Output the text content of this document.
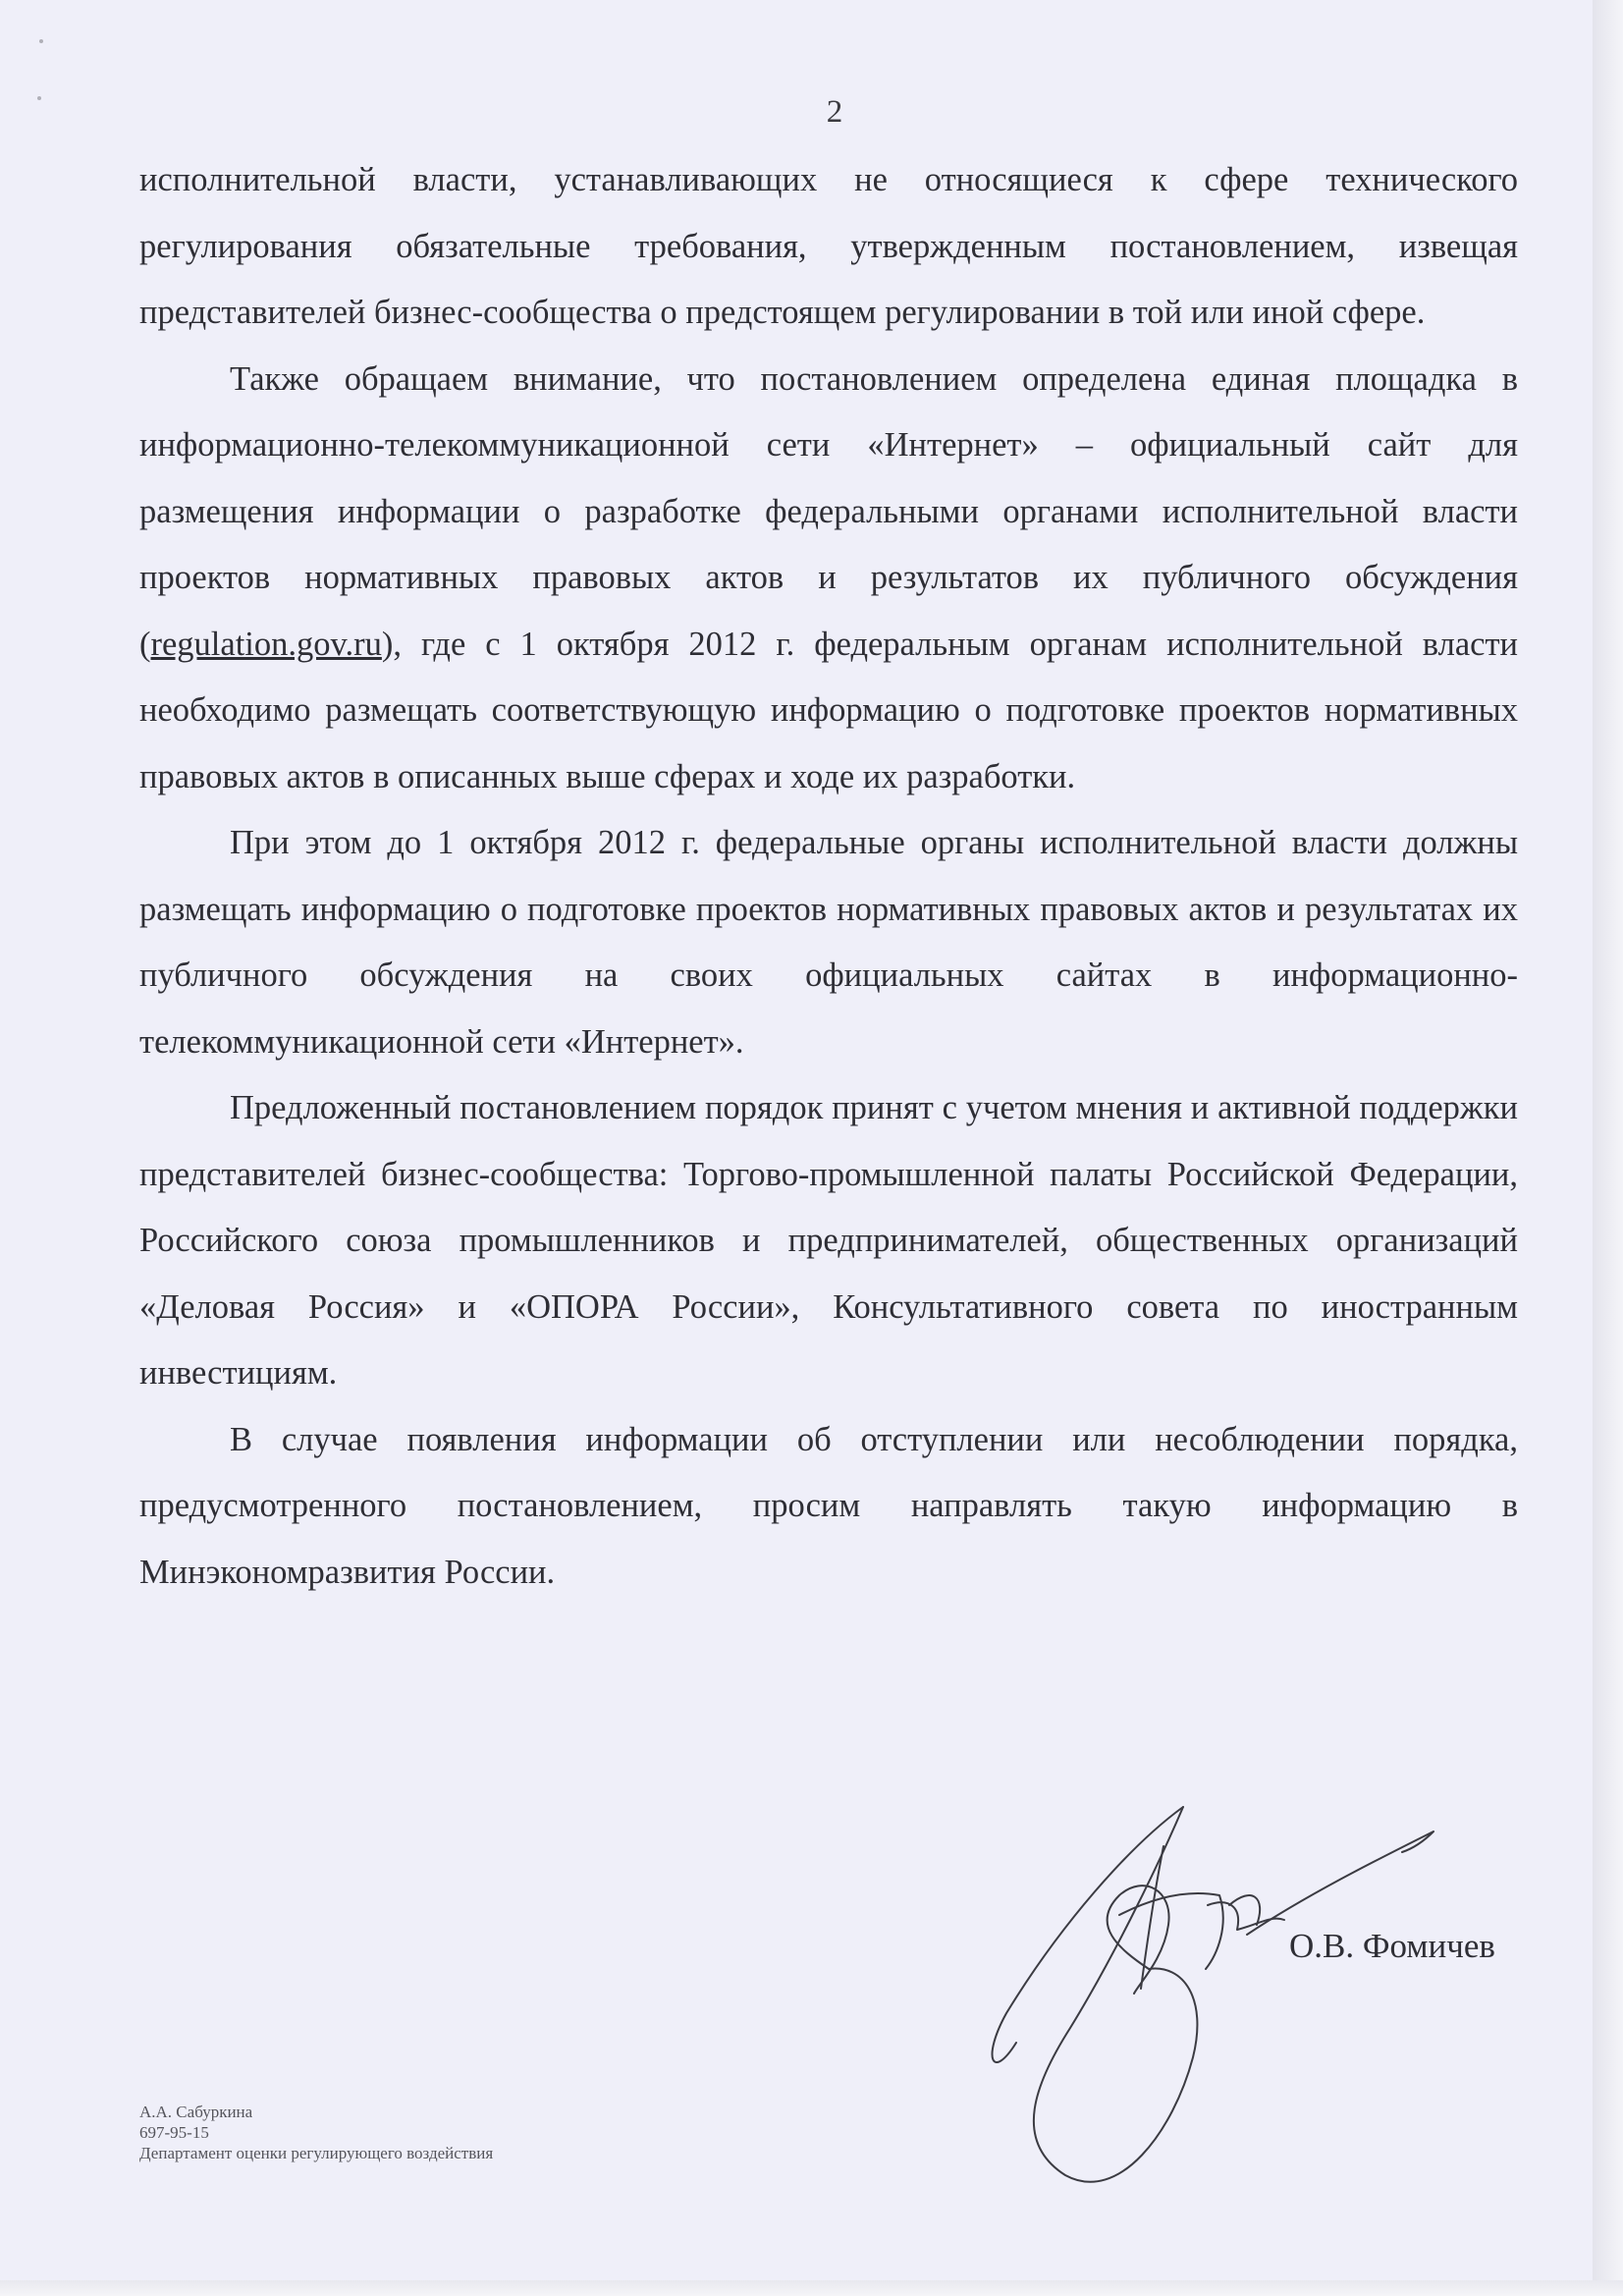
2

исполнительной власти, устанавливающих не относящиеся к сфере технического регулирования обязательные требования, утвержденным постановлением, извещая представителей бизнес-сообщества о предстоящем регулировании в той или иной сфере.

Также обращаем внимание, что постановлением определена единая площадка в информационно-телекоммуникационной сети «Интернет» – официальный сайт для размещения информации о разработке федеральными органами исполнительной власти проектов нормативных правовых актов и результатов их публичного обсуждения (regulation.gov.ru), где с 1 октября 2012 г. федеральным органам исполнительной власти необходимо размещать соответствующую информацию о подготовке проектов нормативных правовых актов в описанных выше сферах и ходе их разработки.

При этом до 1 октября 2012 г. федеральные органы исполнительной власти должны размещать информацию о подготовке проектов нормативных правовых актов и результатах их публичного обсуждения на своих официальных сайтах в информационно-телекоммуникационной сети «Интернет».

Предложенный постановлением порядок принят с учетом мнения и активной поддержки представителей бизнес-сообщества: Торгово-промышленной палаты Российской Федерации, Российского союза промышленников и предпринимателей, общественных организаций «Деловая Россия» и «ОПОРА России», Консультативного совета по иностранным инвестициям.

В случае появления информации об отступлении или несоблюдении порядка, предусмотренного постановлением, просим направлять такую информацию в Минэкономразвития России.

О.В. Фомичев
А.А. Сабуркина
697-95-15
Департамент оценки регулирующего воздействия
